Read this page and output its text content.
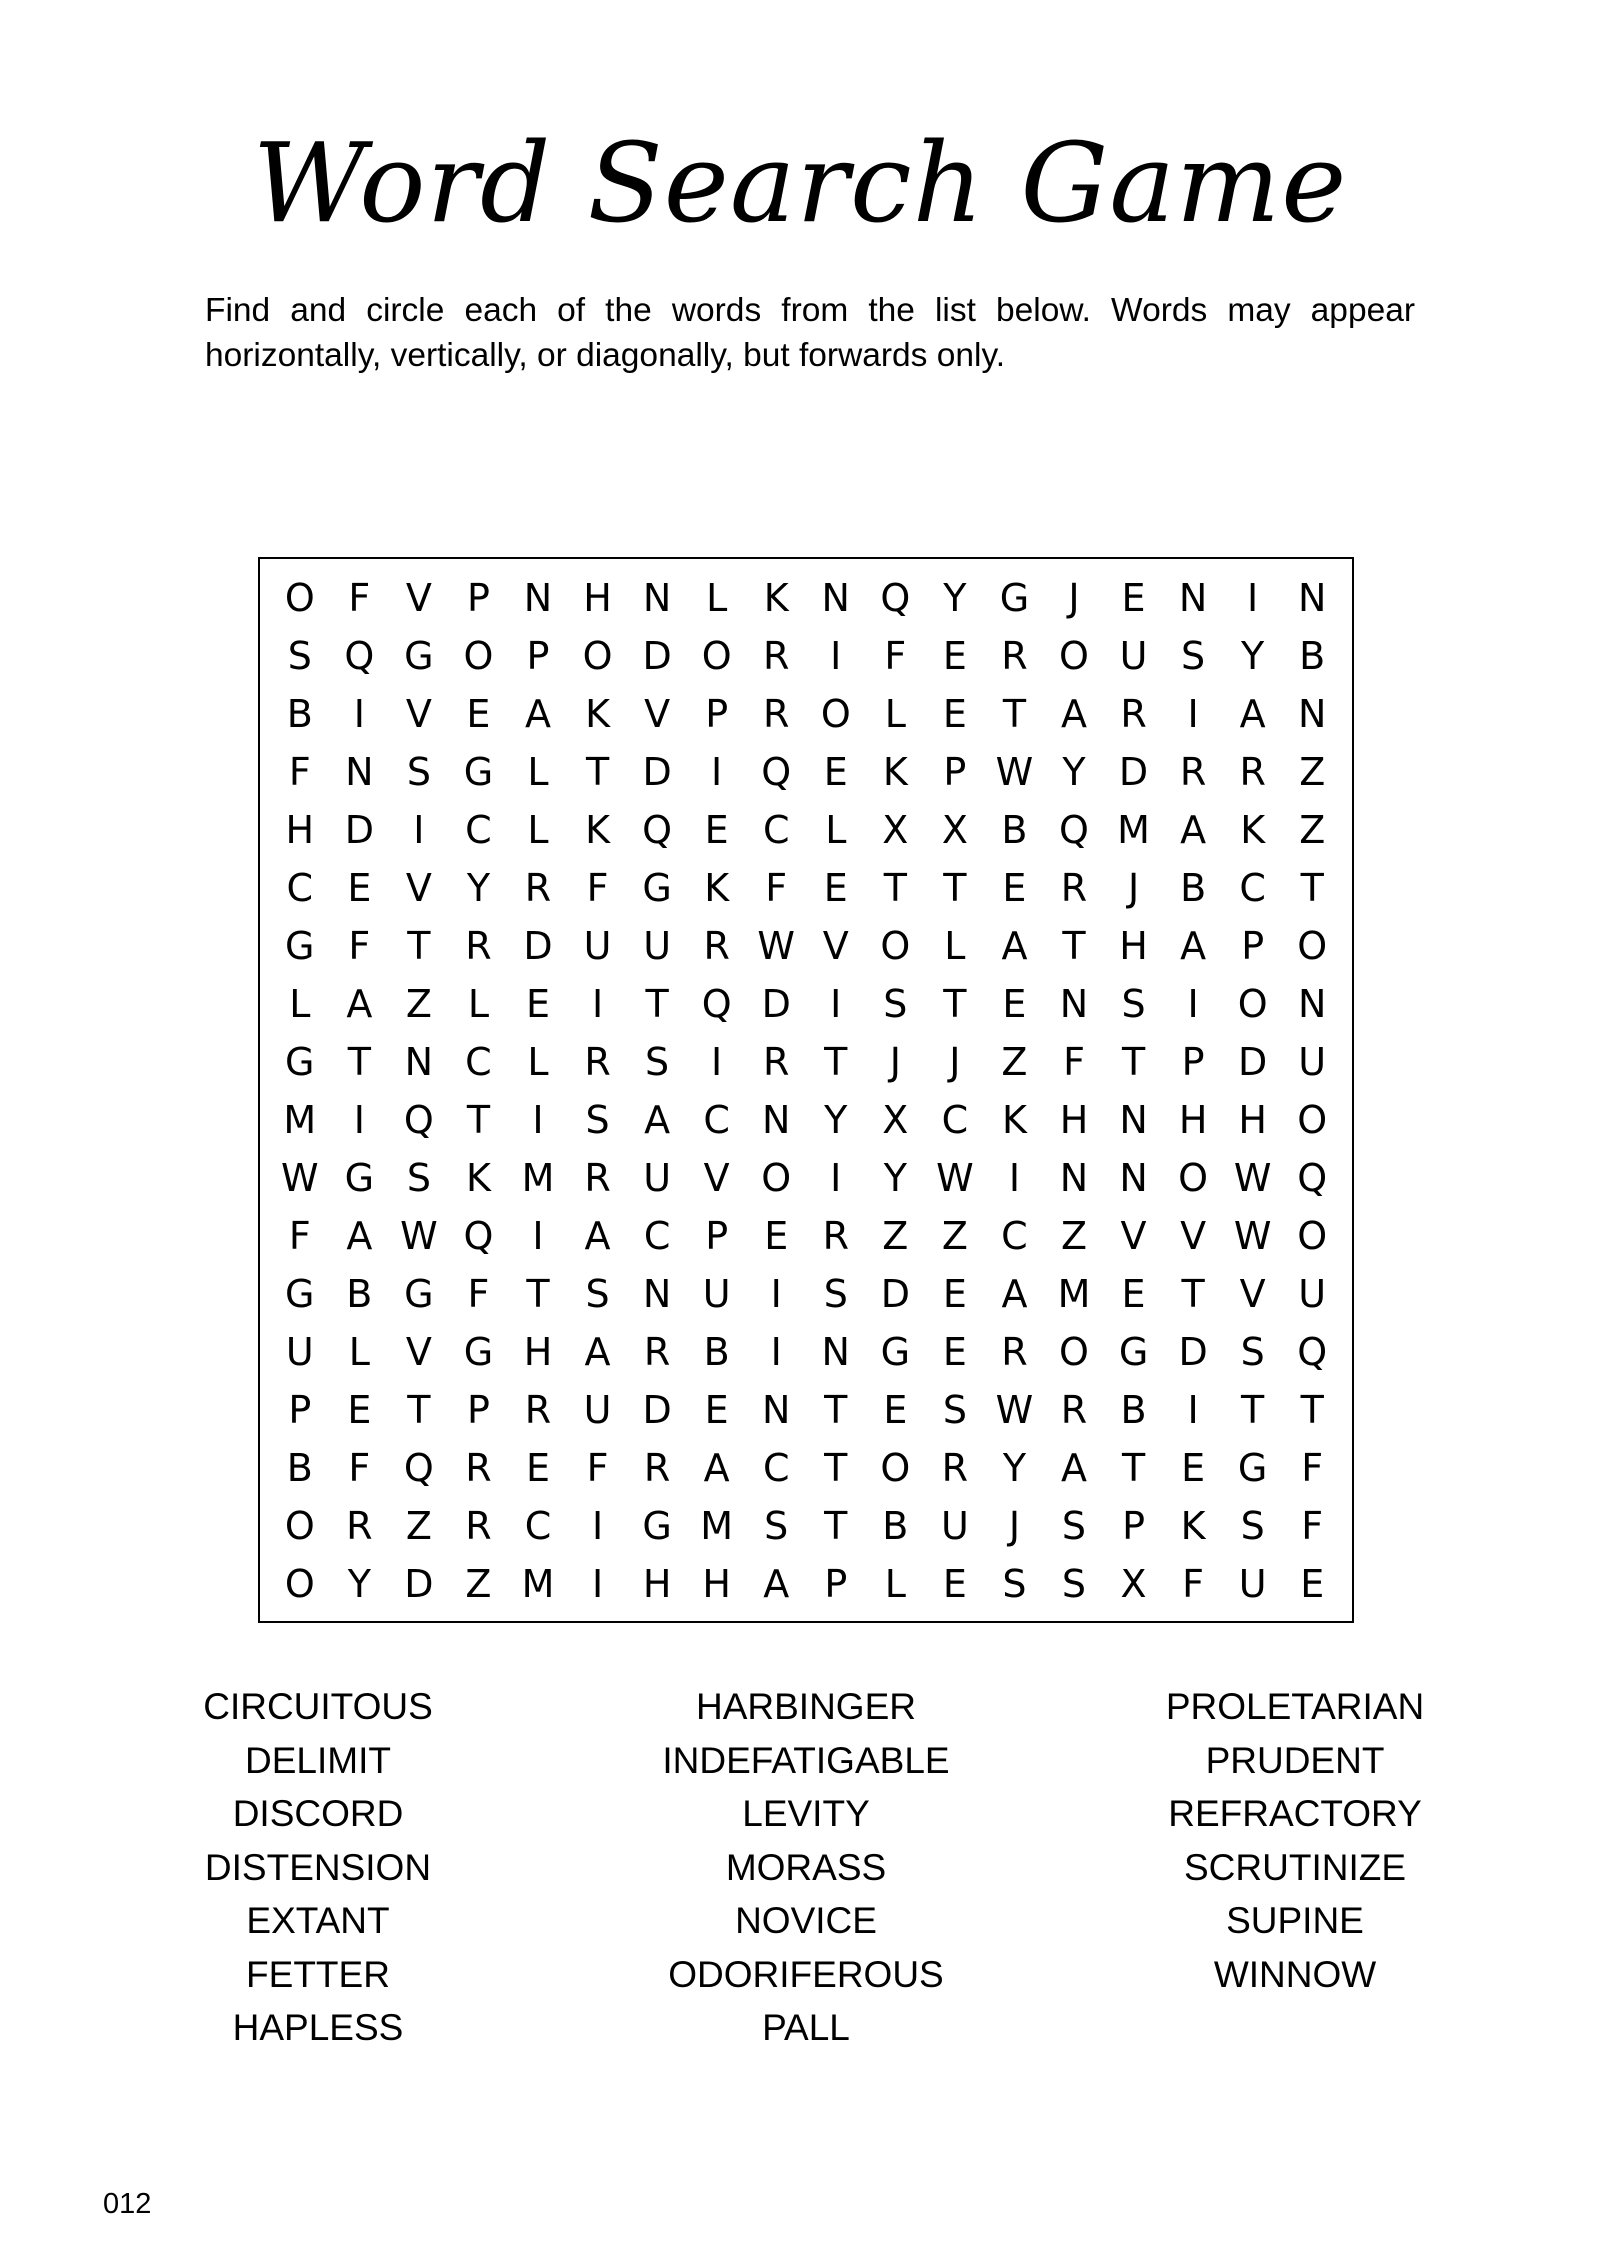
Word Search Game
Find and circle each of the words from the list below. Words may appear horizontally, vertically, or diagonally, but forwards only.
O F V P N H N L K N Q Y G	J	E N	I	N
S Q G O P O D O R	I	F E R O U S Y B
B	I	V E A K V P R O L E T A R	I	A N
F N S G L T D	I	Q E K P W Y D R R Z
H D	I	C L K Q E C L X X B Q M A K Z
C E V Y R F G K F E T T E R	J	B C T
G F T R D U U R W V O L A T H A P O
L A Z L E	I	T Q D	I	S T E N S	I	O N
G T N C L R S	I	R T	J	J	Z F T P D U
M I	Q T	I	S A C N Y X C K H N H H O
W G S K M R U V O	I	Y W I	N N O W Q
F A W Q	I	A C P E R Z Z C Z V V W O
G B G F T S N U	I	S D E A M E T V U
U L V G H A R B	I	N G E R O G D S Q
P E T P R U D E N T E S W R B	I	T T
B F Q R E F R A C T O R Y A T E G F
O R Z R C	I	G M S T B U	J	S P K S F
O Y D Z M I	H H A P L E S S X F U E
CIRCUITOUS
DELIMIT
DISCORD
DISTENSION
EXTANT
FETTER
HAPLESS
HARBINGER
INDEFATIGABLE
LEVITY
MORASS
NOVICE
ODORIFEROUS
PALL
PROLETARIAN
PRUDENT
REFRACTORY
SCRUTINIZE
SUPINE
WINNOW
012
